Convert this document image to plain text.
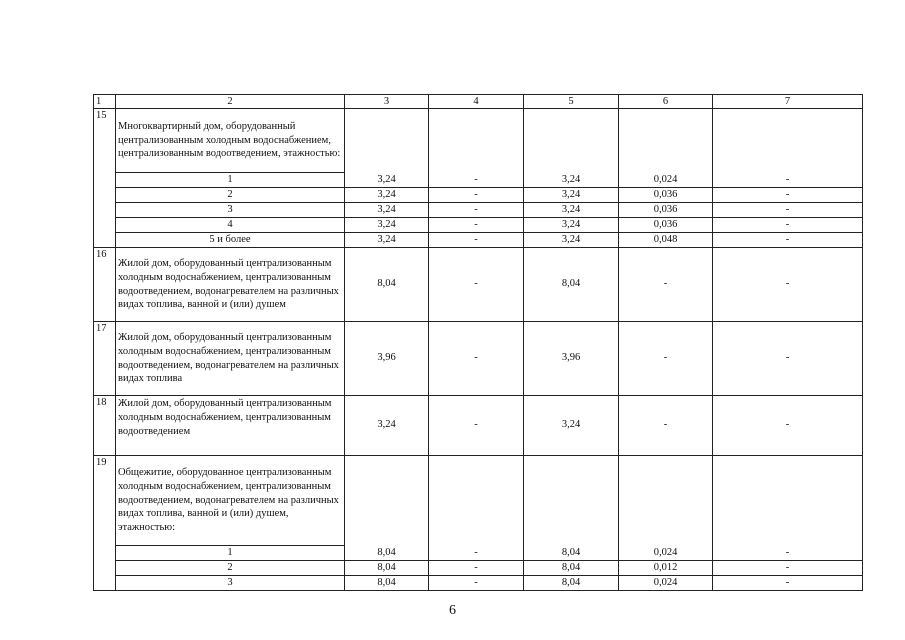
1	2	3	4	5	6	7
15	Многоквартирный дом, оборудованный централизованным холодным водоснабжением, централизованным водоотведением, этажностью:					
	1	3,24	-	3,24	0,024	-
	2	3,24	-	3,24	0,036	-
	3	3,24	-	3,24	0,036	-
	4	3,24	-	3,24	0,036	-
	5 и более	3,24	-	3,24	0,048	-
16	Жилой дом, оборудованный централизованным холодным водоснабжением, централизованным водоотведением, водонагревателем на различных видах топлива, ванной и (или) душем	8,04	-	8,04	-	-
17	Жилой дом, оборудованный централизованным холодным водоснабжением, централизованным водоотведением, водонагревателем на различных видах топлива	3,96	-	3,96	-	-
18	Жилой дом, оборудованный централизованным холодным водоснабжением, централизованным водоотведением	3,24	-	3,24	-	-
19	Общежитие, оборудованное централизованным холодным водоснабжением, централизованным водоотведением, водонагревателем на различных видах топлива, ванной и (или) душем, этажностью:					
	1	8,04	-	8,04	0,024	-
	2	8,04	-	8,04	0,012	-
	3	8,04	-	8,04	0,024	-
6
